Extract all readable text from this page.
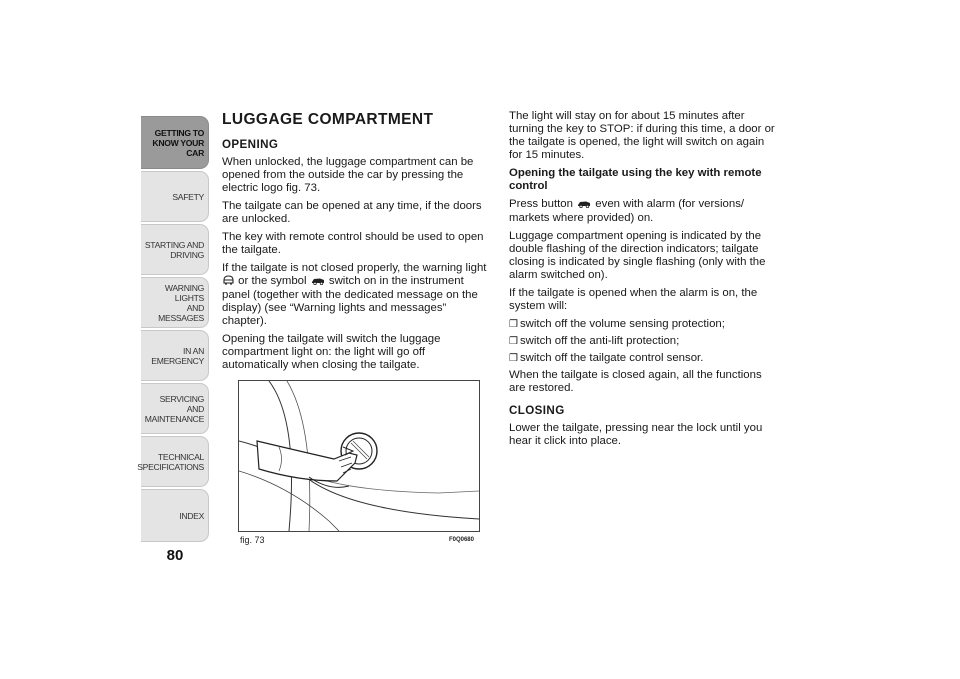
GETTING TO
KNOW YOUR CAR
SAFETY
STARTING AND
DRIVING
WARNING LIGHTS
AND MESSAGES
IN AN EMERGENCY
SERVICING AND
MAINTENANCE
TECHNICAL
SPECIFICATIONS
INDEX
80
LUGGAGE COMPARTMENT
OPENING

When unlocked, the luggage compartment can be opened from the outside the car by pressing the electric logo fig. 73.

The tailgate can be opened at any time, if the doors are unlocked.

The key with remote control should be used to open the tailgate.

If the tailgate is not closed properly, the warning light
or the symbol switch on in the instrument panel (together with the dedicated message on the display) (see “Warning lights and messages” chapter).

Opening the tailgate will switch the luggage compartment light on: the light will go off automatically when closing the tailgate.

fig. 73	F0Q0680

The light will stay on for about 15 minutes after turning the key to STOP: if during this time, a door or the tailgate is opened, the light will switch on again for 15 minutes.

Opening the tailgate using the key with remote control

Press button even with alarm (for versions/ markets where provided) on.

Luggage compartment opening is indicated by the double flashing of the direction indicators; tailgate closing is indicated by single flashing (only with the alarm switched on).

If the tailgate is opened when the alarm is on, the system will:

❒ switch off the volume sensing protection;
❒ switch off the anti-lift protection;
❒ switch off the tailgate control sensor.

When the tailgate is closed again, all the functions are restored.

CLOSING

Lower the tailgate, pressing near the lock until you hear it click into place.
